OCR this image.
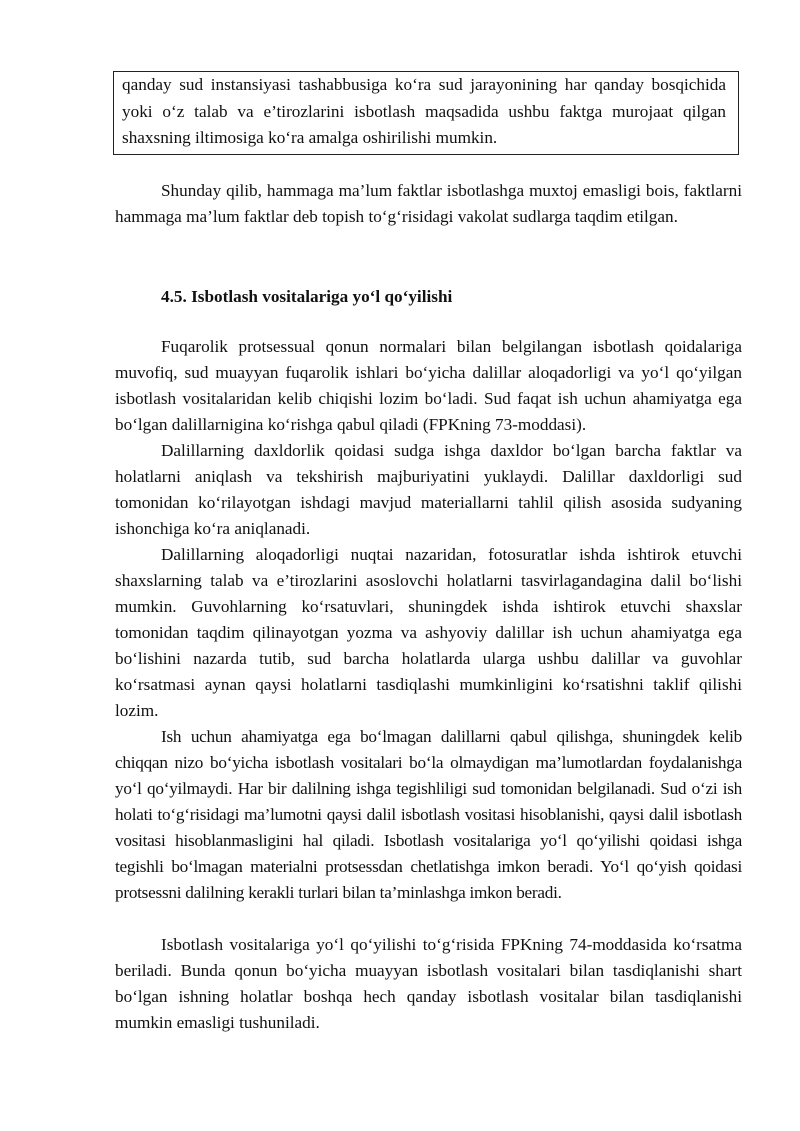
qanday sud instansiyasi tashabbusiga ko‘ra sud jarayonining har qanday bosqichida yoki o‘z talab va e’tirozlarini isbotlash maqsadida ushbu faktga murojaat qilgan shaxsning iltimosiga ko‘ra amalga oshirilishi mumkin.

Shunday qilib, hammaga ma’lum faktlar isbotlashga muxtoj emasligi bois, faktlarni hammaga ma’lum faktlar deb topish to‘g‘risidagi vakolat sudlarga taqdim etilgan.

4.5. Isbotlash vositalariga yo‘l qo‘yilishi

Fuqarolik protsessual qonun normalari bilan belgilangan isbotlash qoidalariga muvofiq, sud muayyan fuqarolik ishlari bo‘yicha dalillar aloqadorligi va yo‘l qo‘yilgan isbotlash vositalaridan kelib chiqishi lozim bo‘ladi. Sud faqat ish uchun ahamiyatga ega bo‘lgan dalillarnigina ko‘rishga qabul qiladi (FPKning 73-moddasi).

Dalillarning daxldorlik qoidasi sudga ishga daxldor bo‘lgan barcha faktlar va holatlarni aniqlash va tekshirish majburiyatini yuklaydi. Dalillar daxldorligi sud tomonidan ko‘rilayotgan ishdagi mavjud materiallarni tahlil qilish asosida sudyaning ishonchiga ko‘ra aniqlanadi.

Dalillarning aloqadorligi nuqtai nazaridan, fotosuratlar ishda ishtirok etuvchi shaxslarning talab va e’tirozlarini asoslovchi holatlarni tasvirlagandagina dalil bo‘lishi mumkin. Guvohlarning ko‘rsatuvlari, shuningdek ishda ishtirok etuvchi shaxslar tomonidan taqdim qilinayotgan yozma va ashyoviy dalillar ish uchun ahamiyatga ega bo‘lishini nazarda tutib, sud barcha holatlarda ularga ushbu dalillar va guvohlar ko‘rsatmasi aynan qaysi holatlarni tasdiqlashi mumkinligini ko‘rsatishni taklif qilishi lozim.

Ish uchun ahamiyatga ega bo‘lmagan dalillarni qabul qilishga, shuningdek kelib chiqqan nizo bo‘yicha isbotlash vositalari bo‘la olmaydigan ma’lumotlardan foydalanishga yo‘l qo‘yilmaydi. Har bir dalilning ishga tegishliligi sud tomonidan belgilanadi. Sud o‘zi ish holati to‘g‘risidagi ma’lumotni qaysi dalil isbotlash vositasi hisoblanishi, qaysi dalil isbotlash vositasi hisoblanmasligini hal qiladi. Isbotlash vositalariga yo‘l qo‘yilishi qoidasi ishga tegishli bo‘lmagan materialni protsessdan chetlatishga imkon beradi. Yo‘l qo‘yish qoidasi protsessni dalilning kerakli turlari bilan ta’minlashga imkon beradi.

Isbotlash vositalariga yo‘l qo‘yilishi to‘g‘risida FPKning 74-moddasida ko‘rsatma beriladi. Bunda qonun bo‘yicha muayyan isbotlash vositalari bilan tasdiqlanishi shart bo‘lgan ishning holatlar boshqa hech qanday isbotlash vositalar bilan tasdiqlanishi mumkin emasligi tushuniladi.
